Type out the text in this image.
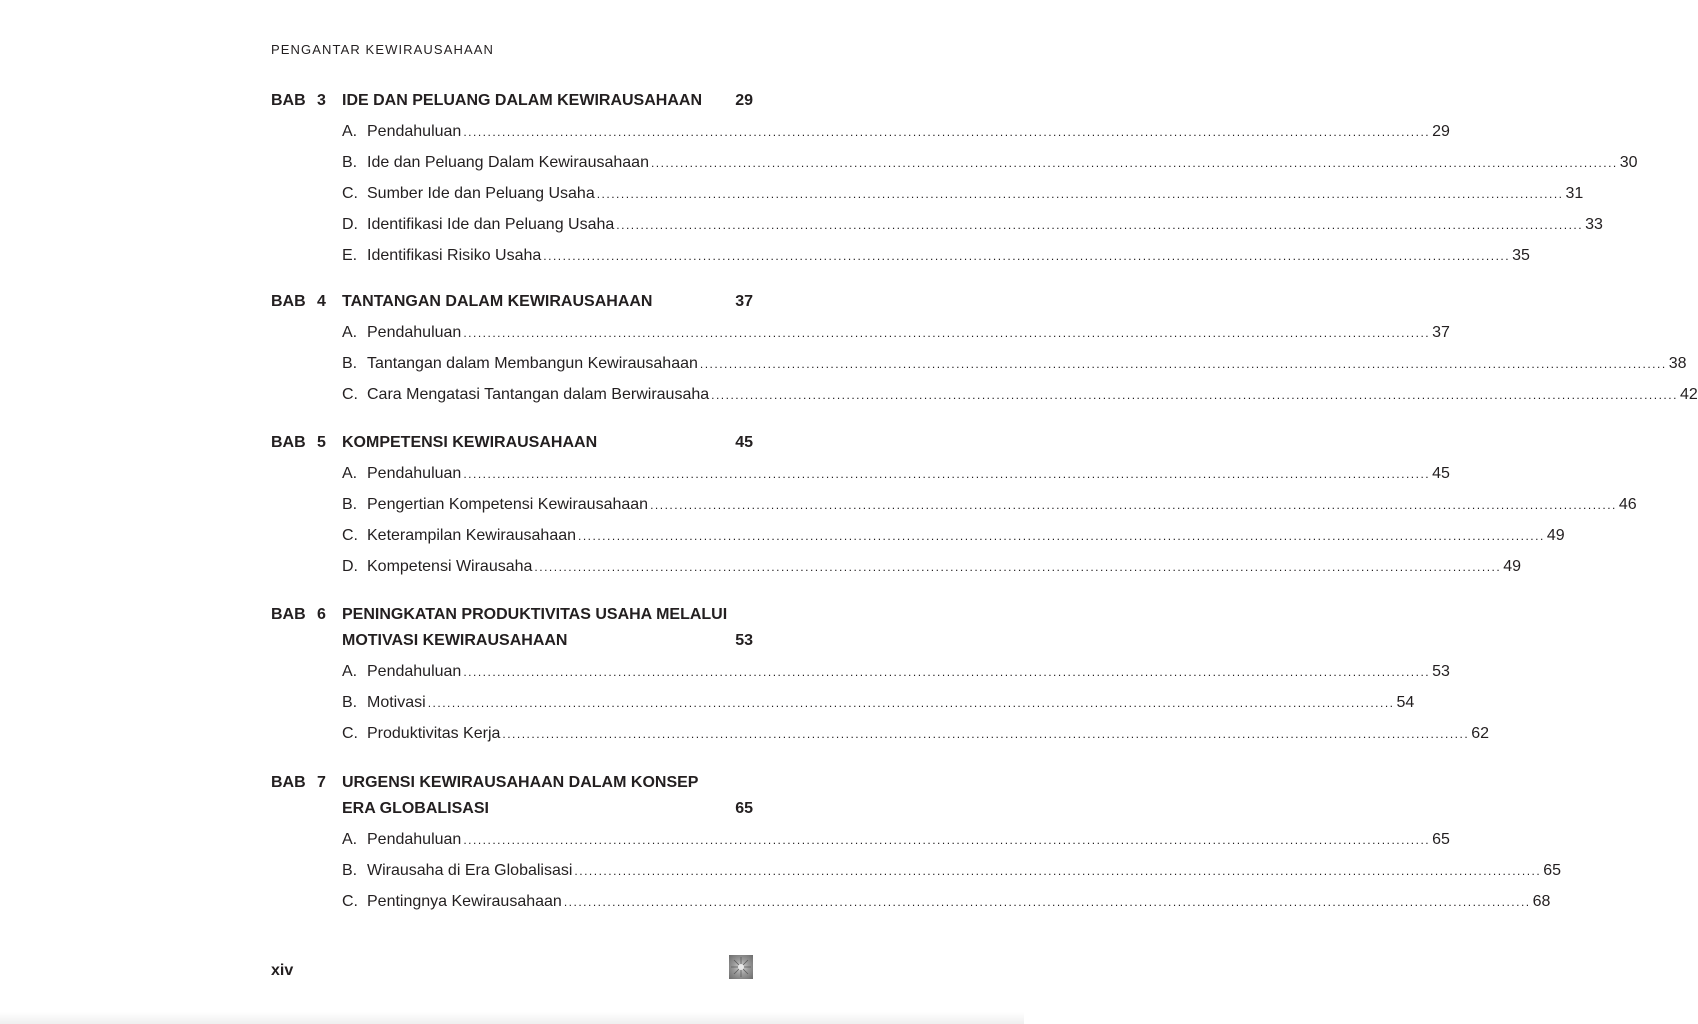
PENGANTAR KEWIRAUSAHAAN
BAB 3 IDE DAN PELUANG DALAM KEWIRAUSAHAAN 29
A. Pendahuluan ........................................................................................................................................................................................................ 29
B. Ide dan Peluang Dalam Kewirausahaan ........................................................................................................................................................................................................ 30
C. Sumber Ide dan Peluang Usaha ........................................................................................................................................................................................................ 31
D. Identifikasi Ide dan Peluang Usaha ........................................................................................................................................................................................................ 33
E. Identifikasi Risiko Usaha ........................................................................................................................................................................................................ 35
BAB 4 TANTANGAN DALAM KEWIRAUSAHAAN	37
A. Pendahuluan ........................................................................................................................................................................................................ 37
B. Tantangan dalam Membangun Kewirausahaan ........................................................................................................................................................................................................ 38
C. Cara Mengatasi Tantangan dalam Berwirausaha ........................................................................................................................................................................................................ 42
BAB 5 KOMPETENSI KEWIRAUSAHAAN	45
A. Pendahuluan ........................................................................................................................................................................................................ 45
B. Pengertian Kompetensi Kewirausahaan ........................................................................................................................................................................................................ 46
C. Keterampilan Kewirausahaan ........................................................................................................................................................................................................ 49
D. Kompetensi Wirausaha ........................................................................................................................................................................................................ 49
BAB 6 PENINGKATAN PRODUKTIVITAS USAHA MELALUI
MOTIVASI KEWIRAUSAHAAN	53
A. Pendahuluan ........................................................................................................................................................................................................ 53
B. Motivasi ........................................................................................................................................................................................................ 54
C. Produktivitas Kerja ........................................................................................................................................................................................................ 62
BAB 7 URGENSI KEWIRAUSAHAAN DALAM KONSEP
ERA GLOBALISASI	65
A. Pendahuluan ........................................................................................................................................................................................................ 65
B. Wirausaha di Era Globalisasi ........................................................................................................................................................................................................ 65
C. Pentingnya Kewirausahaan ........................................................................................................................................................................................................ 68
xiv
